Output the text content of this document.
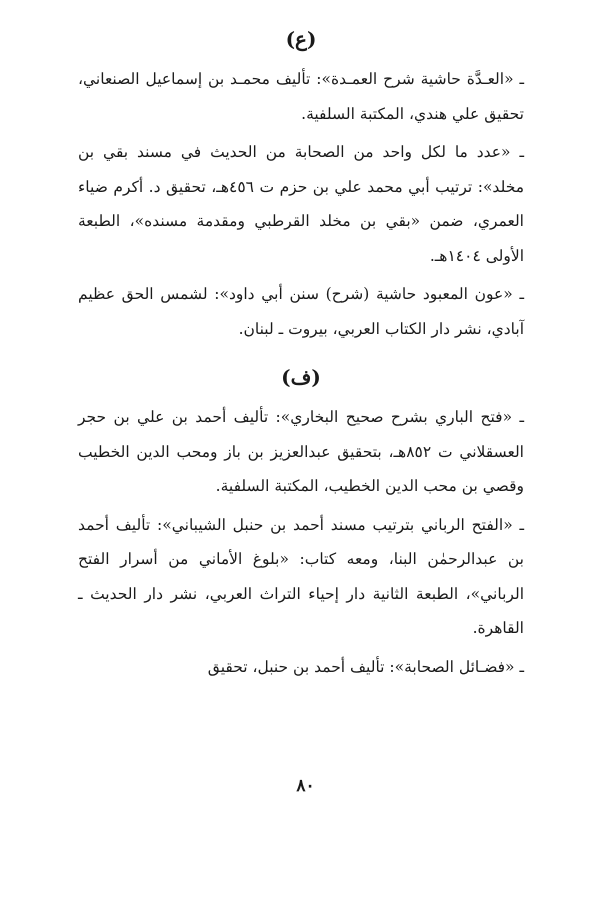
(ع)

ـ «العـدَّة حاشية شرح العمـدة»: تأليف محمـد بن إسماعيل الصنعاني، تحقيق علي هندي، المكتبة السلفية.

ـ «عدد ما لكل واحد من الصحابة من الحديث في مسند بقي بن مخلد»: ترتيب أبي محمد علي بن حزم ت ٤٥٦هـ، تحقيق د. أكرم ضياء العمري، ضمن «بقي بن مخلد القرطبي ومقدمة مسنده»، الطبعة الأولى ١٤٠٤هـ.

ـ «عون المعبود حاشية (شرح) سنن أبي داود»: لشمس الحق عظيم آبادي، نشر دار الكتاب العربي، بيروت ـ لبنان.

(ف)

ـ «فتح الباري بشرح صحيح البخاري»: تأليف أحمد بن علي بن حجر العسقلاني ت ٨٥٢هـ، بتحقيق عبدالعزيز بن باز ومحب الدين الخطيب وقصي بن محب الدين الخطيب، المكتبة السلفية.

ـ «الفتح الرباني بترتيب مسند أحمد بن حنبل الشيباني»: تأليف أحمد بن عبدالرحمٰن البنا، ومعه كتاب: «بلوغ الأماني من أسرار الفتح الرباني»، الطبعة الثانية دار إحياء التراث العربي، نشر دار الحديث ـ القاهرة.

ـ «فضـائل الصحابة»: تأليف أحمد بن حنبل، تحقيق

٨٠
